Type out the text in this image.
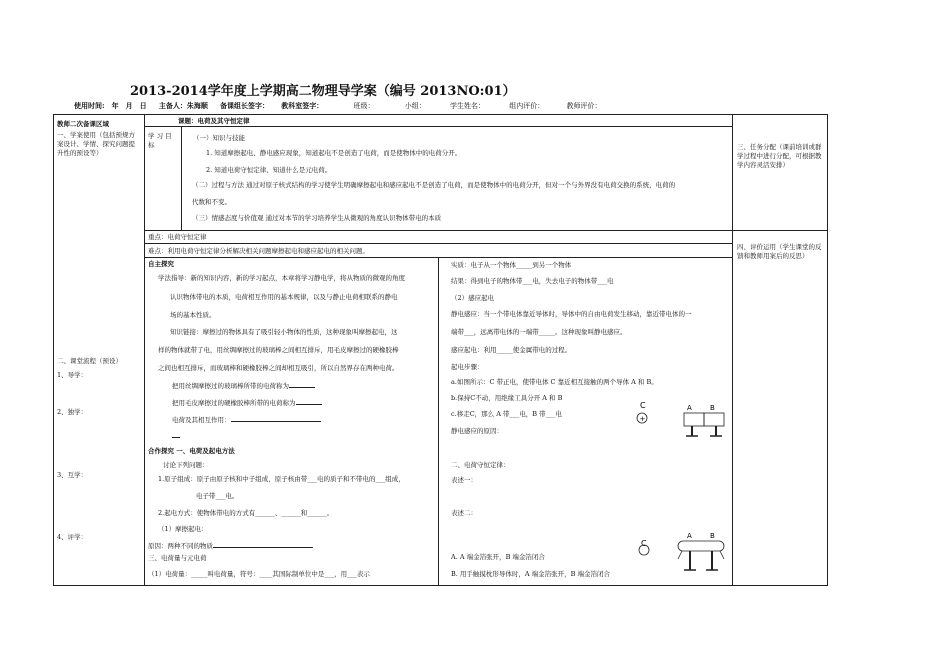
2013-2014学年度上学期高二物理导学案（编号 2013NO:01）
使用时间:　年　月　日 主备人：朱海顺 备课组长签字： 教科室签字：	班级：	小组：	学生姓名：	组内评价：	教师评价：
教师二次备课区域
一、学案使用（包括预规方案设计、学情、探究问题提升性的预设等）
二、课堂流程（预设）
1、导学：
2、独学：
3、互学：
4、评学：
三、任务分配（课前培训或群学过程中进行分配，可根据教学内容灵活安排）
四、评价运用（学生课堂的反馈和教师用案后的反思）
课题：电荷及其守恒定律
学 习 目 标
（一）知识与技能
1. 知道摩擦起电、静电感应现象，知道起电不是创造了电荷，而是使物体中的电荷分开。
2. 知道电荷守恒定律、知道什么是元电荷。
（二）过程与方法 通过对原子核式结构的学习使学生明确摩擦起电和感应起电不是创造了电荷，而是使物体中的电荷分开，但对一个与外界没有电荷交换的系统，电荷的
代数和不变。
（三）情感态度与价值观 通过对本节的学习培养学生从微观的角度认识物体带电的本质
重点：电荷守恒定律
难点：利用电荷守恒定律分析解决相关问题摩擦起电和感应起电的相关问题。
自主探究
学法指导：新的知识内容，新的学习起点，本章将学习静电学，将从物质的微观的角度
认识物体带电的本质，电荷相互作用的基本规律，以及与静止电荷相联系的静电
场的基本性质。
知识链接：摩擦过的物体具有了吸引轻小物体的性质，这种现象叫摩擦起电，这
样的物体就带了电，用丝绸摩擦过的玻璃棒之间相互排斥，用毛皮摩擦过的硬橡胶棒
之间也相互排斥，而玻璃棒和硬橡胶棒之间却相互吸引，所以自然界存在两种电荷。
把用丝绸摩擦过的玻璃棒所带的电荷称为
把用毛皮摩擦过的硬橡胶棒所带的电荷称为
电荷及其相互作用：
合作探究 一、电荷及起电方法
讨论下列问题：
1.原子组成：原子由原子核和中子组成，原子核由带___电的质子和不带电的___组成，
电子带___电。
2.起电方式：使物体带电的方式有______、______和______。
（1）摩擦起电：
原因：两种不同的物质
三、电荷量与元电荷
（1）电荷量：_____叫电荷量，符号：____其国际制单位中是___，用___表示
实质：电子从一个物体_____到另一个物体
结果：得到电子的物体带___电，失去电子的物体带___电
（2）感应起电
静电感应：当一个带电体靠近导体时，导体中的自由电荷发生移动，靠近带电体的一
端带___，远离带电体的一端带_____。这种现象叫静电感应。
感应起电：利用_____使金属带电的过程。
起电步骤：
a.如图所示：C 带正电，使带电体 C 靠近相互接触的两个导体 A 和 B。
b.保持C不动，用绝缘工具分开 A 和 B
c.移走C，那么 A 带___电，B 带___电
静电感应的原因：
二、电荷守恒定律：
表述一：
表述二：
A. A 端金箔张开，B 端金箔闭合
B. 用手触摸枕形导体时，A 端金箔张开，B 端金箔闭合
C
+
A	B
C
A	B
